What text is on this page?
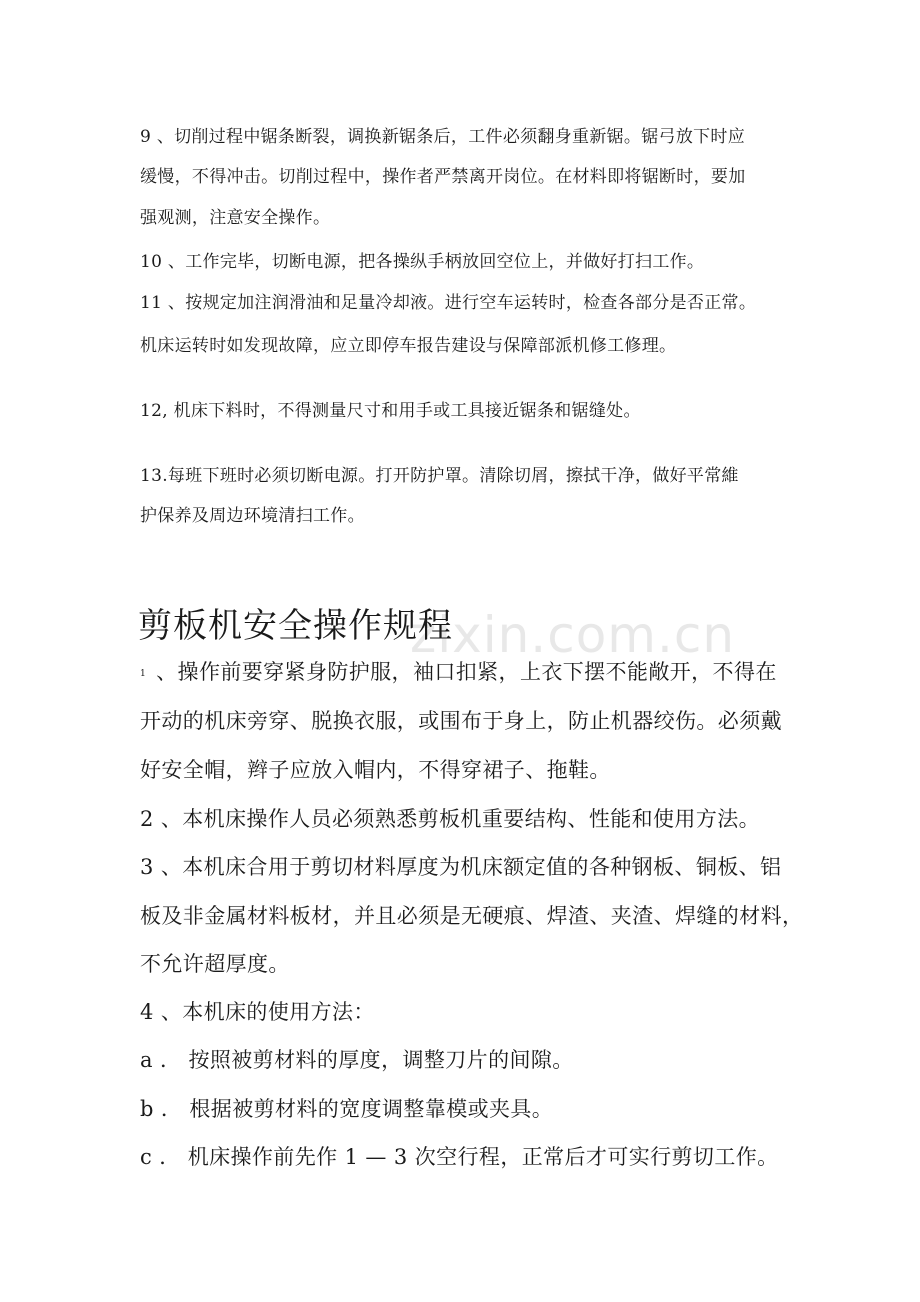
zixin.com.cn

9 、切削过程中锯条断裂，调换新锯条后，工件必须翻身重新锯。锯弓放下时应

缓慢，不得冲击。切削过程中，操作者严禁离开岗位。在材料即将锯断时，要加

强观测，注意安全操作。

10 、工作完毕，切断电源，把各操纵手柄放回空位上，并做好打扫工作。

11 、按规定加注润滑油和足量冷却液。进行空车运转时，检查各部分是否正常。

机床运转时如发现故障，应立即停车报告建设与保障部派机修工修理。

12, 机床下料时，不得测量尺寸和用手或工具接近锯条和锯缝处。

13.每班下班时必须切断电源。打开防护罩。清除切屑，擦拭干净，做好平常維

护保养及周边环境清扫工作。

剪板机安全操作规程

1 、操作前要穿紧身防护服，袖口扣紧，上衣下摆不能敞开，不得在

开动的机床旁穿、脱换衣服，或围布于身上，防止机器绞伤。必须戴

好安全帽，辫子应放入帽内，不得穿裙子、拖鞋。

2 、本机床操作人员必须熟悉剪板机重要结构、性能和使用方法。

3 、本机床合用于剪切材料厚度为机床额定值的各种钢板、铜板、铝

板及非金属材料板材，并且必须是无硬痕、焊渣、夹渣、焊缝的材料，

不允许超厚度。

4 、本机床的使用方法：

a ． 按照被剪材料的厚度，调整刀片的间隙。

b ． 根据被剪材料的宽度调整靠模或夹具。

c ． 机床操作前先作 1 — 3 次空行程，正常后才可实行剪切工作。
